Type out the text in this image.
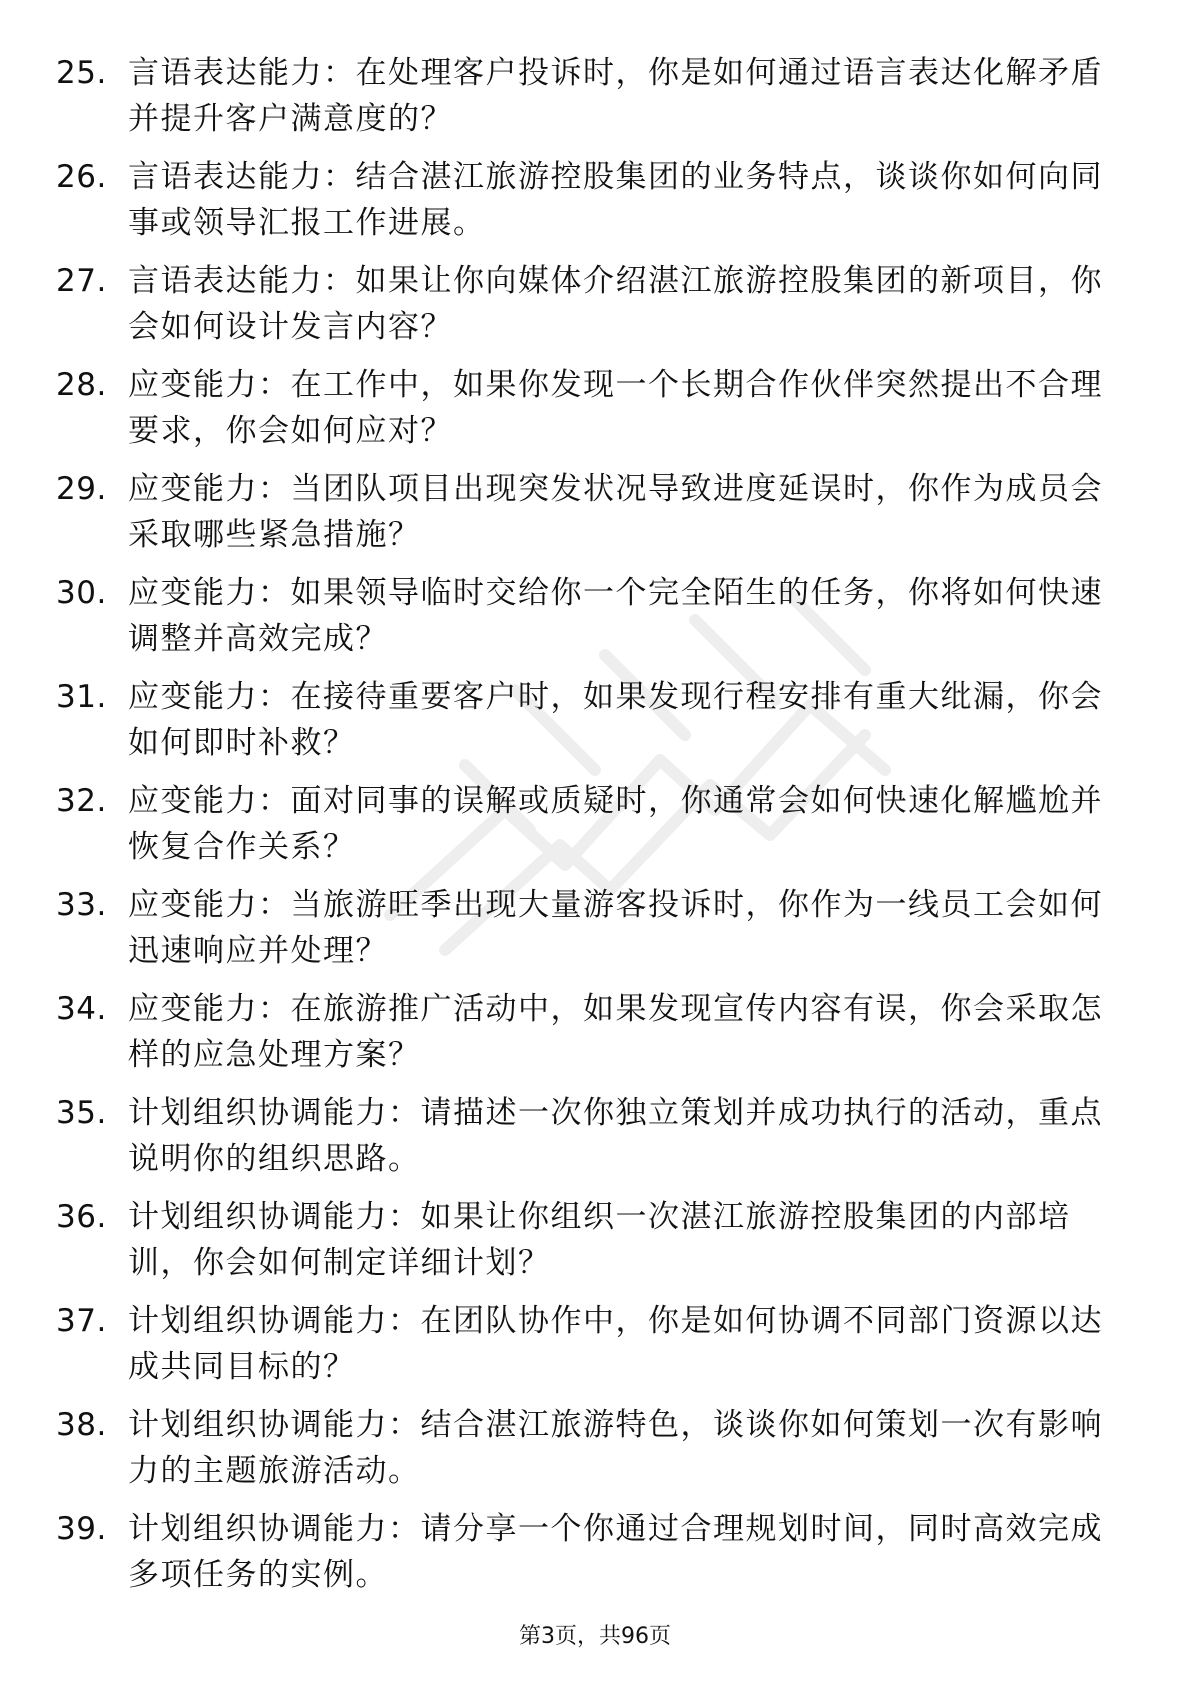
25. 言语表达能力：在处理客户投诉时，你是如何通过语言表达化解矛盾并提升客户满意度的？
26. 言语表达能力：结合湛江旅游控股集团的业务特点，谈谈你如何向同事或领导汇报工作进展。
27. 言语表达能力：如果让你向媒体介绍湛江旅游控股集团的新项目，你会如何设计发言内容？
28. 应变能力：在工作中，如果你发现一个长期合作伙伴突然提出不合理要求，你会如何应对？
29. 应变能力：当团队项目出现突发状况导致进度延误时，你作为成员会采取哪些紧急措施？
30. 应变能力：如果领导临时交给你一个完全陌生的任务，你将如何快速调整并高效完成？
31. 应变能力：在接待重要客户时，如果发现行程安排有重大纰漏，你会如何即时补救？
32. 应变能力：面对同事的误解或质疑时，你通常会如何快速化解尴尬并恢复合作关系？
33. 应变能力：当旅游旺季出现大量游客投诉时，你作为一线员工会如何迅速响应并处理？
34. 应变能力：在旅游推广活动中，如果发现宣传内容有误，你会采取怎样的应急处理方案？
35. 计划组织协调能力：请描述一次你独立策划并成功执行的活动，重点说明你的组织思路。
36. 计划组织协调能力：如果让你组织一次湛江旅游控股集团的内部培训，你会如何制定详细计划？
37. 计划组织协调能力：在团队协作中，你是如何协调不同部门资源以达成共同目标的？
38. 计划组织协调能力：结合湛江旅游特色，谈谈你如何策划一次有影响力的主题旅游活动。
39. 计划组织协调能力：请分享一个你通过合理规划时间，同时高效完成多项任务的实例。
第3页，共96页
